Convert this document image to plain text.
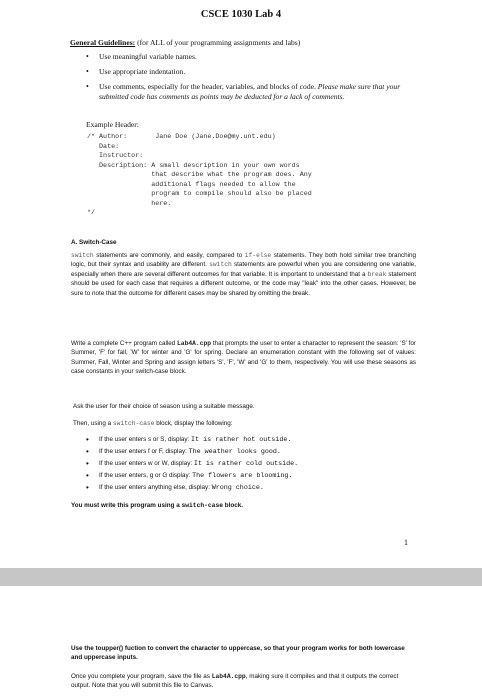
CSCE 1030 Lab 4
General Guidelines: (for ALL of your programming assignments and labs)
• Use meaningful variable names.
• Use appropriate indentation.
• Use comments, especially for the header, variables, and blocks of code. Please make sure that your submitted code has comments as points may be deducted for a lack of comments.
Example Header:
/* Author:       Jane Doe (Jane.Doe@my.unt.edu)
Date:
Instructor:
Description: A small description in your own words
that describe what the program does. Any
additional flags needed to allow the
program to compile should also be placed
here.
*/
A. Switch-Case

switch statements are commonly, and easily, compared to if-else statements. They both hold similar tree branching logic, but their syntax and usability are different. switch statements are powerful when you are considering one variable, especially when there are several different outcomes for that variable. It is important to understand that a break statement should be used for each case that requires a different outcome, or the code may "leak" into the other cases. However, be sure to note that the outcome for different cases may be shared by omitting the break.

Write a complete C++ program called Lab4A.cpp that prompts the user to enter a character to represent the season: 'S' for Summer, 'F' for fall, 'W' for winter and 'G' for spring. Declare an enumeration constant with the following set of values: Summer, Fall, Winter and Spring and assign letters 'S', 'F', 'W' and 'G' to them, respectively. You will use these seasons as case constants in your switch-case block.

Ask the user for their choice of season using a suitable message.

Then, using a switch-case block, display the following:

• If the user enters s or S, display: It is rather hot outside.
• If the user enters f or F, display: The weather looks good.
• If the user enters w or W, display: It is rather cold outside.
• If the user enters, g or G display: The flowers are blooming.
• If the user enters anything else, display: Wrong choice.

You must write this program using a switch-case block.

1

Use the toupper() fuction to convert the character to uppercase, so that your program works for both lowercase and uppercase inputs.

Once you complete your program, save the file as Lab4A.cpp, making sure it compiles and that it outputs the correct output. Note that you will submit this file to Canvas.
